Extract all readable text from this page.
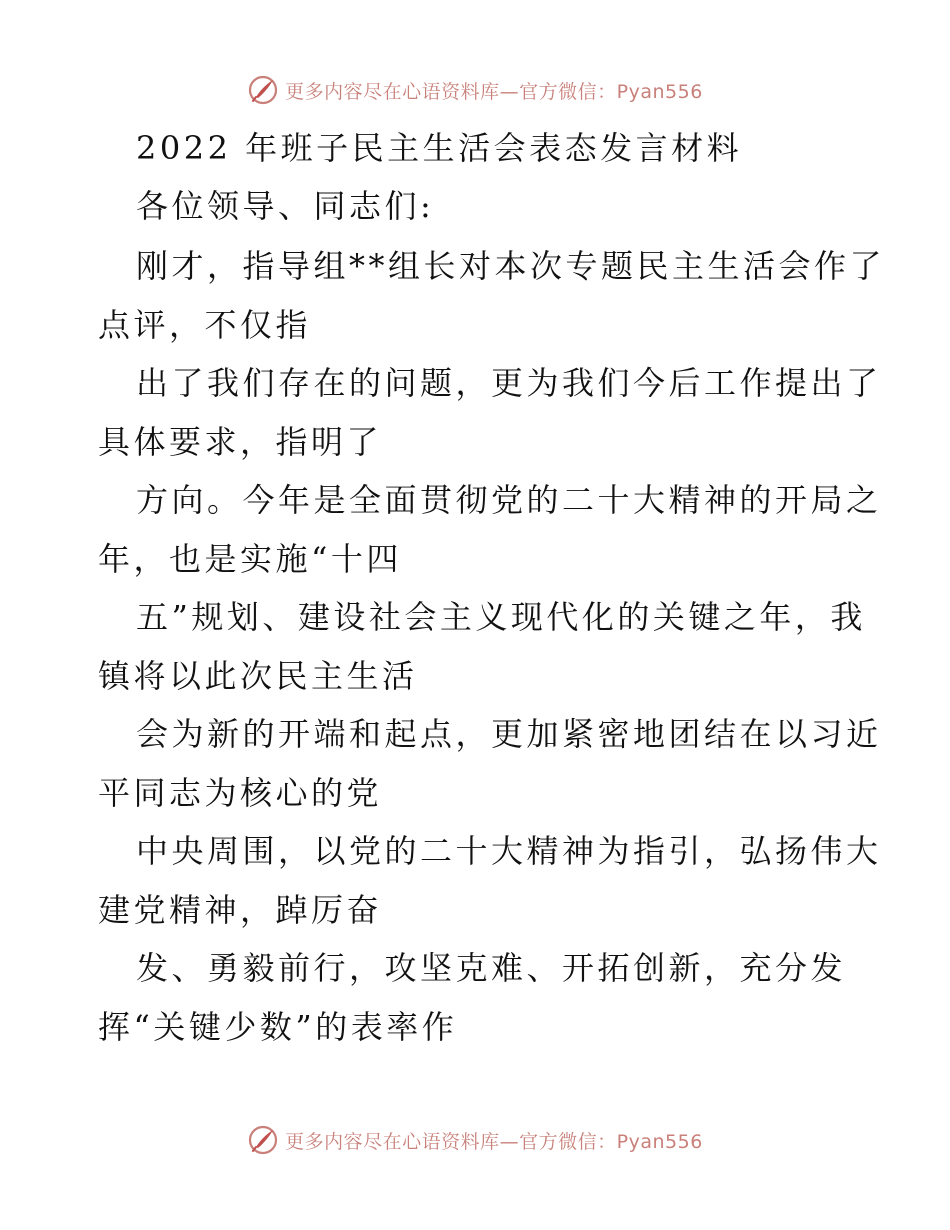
更多内容尽在心语资料库—官方微信：Pyan556
2022 年班子民主生活会表态发言材料
各位领导、同志们:
刚才，指导组**组长对本次专题民主生活会作了
点评，不仅指
出了我们存在的问题，更为我们今后工作提出了
具体要求，指明了
方向。今年是全面贯彻党的二十大精神的开局之
年，也是实施“十四
五”规划、建设社会主义现代化的关键之年，我
镇将以此次民主生活
会为新的开端和起点，更加紧密地团结在以习近
平同志为核心的党
中央周围，以党的二十大精神为指引，弘扬伟大
建党精神，踔厉奋
发、勇毅前行，攻坚克难、开拓创新，充分发
挥“关键少数”的表率作
更多内容尽在心语资料库—官方微信：Pyan556
